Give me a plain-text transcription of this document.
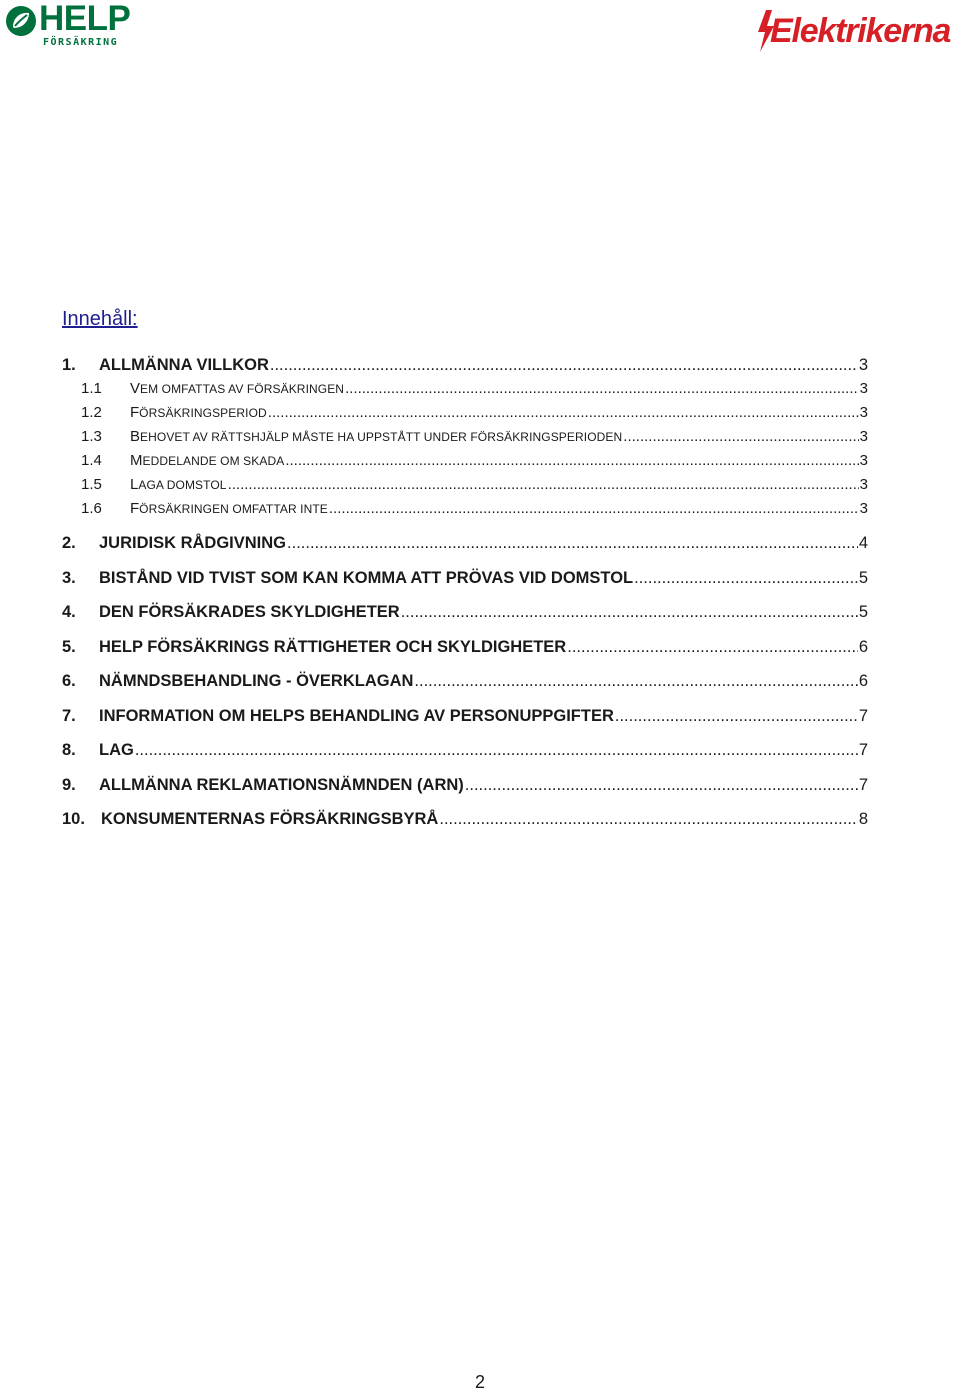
HELP
FÖRSÄKRING	Elektrikerna
Innehåll:
1.	ALLMÄNNA VILLKOR .....	3
1.1	VEM OMFATTAS AV FÖRSÄKRINGEN .....	3
1.2	FÖRSÄKRINGSPERIOD .....	3
1.3	BEHOVET AV RÄTTSHJÄLP MÅSTE HA UPPSTÅTT UNDER FÖRSÄKRINGSPERIODEN .....	3
1.4	MEDDELANDE OM SKADA .....	3
1.5	LAGA DOMSTOL .....	3
1.6	FÖRSÄKRINGEN OMFATTAR INTE .....	3
2.	JURIDISK RÅDGIVNING .....	4
3.	BISTÅND VID TVIST SOM KAN KOMMA ATT PRÖVAS VID DOMSTOL .....	5
4.	DEN FÖRSÄKRADES SKYLDIGHETER .....	5
5.	HELP FÖRSÄKRINGS RÄTTIGHETER OCH SKYLDIGHETER .....	6
6.	NÄMNDSBEHANDLING - ÖVERKLAGAN .....	6
7.	INFORMATION OM HELPS BEHANDLING AV PERSONUPPGIFTER .....	7
8.	LAG .....	7
9.	ALLMÄNNA REKLAMATIONSNÄMNDEN (ARN) .....	7
10. KONSUMENTERNAS FÖRSÄKRINGSBYRÅ .....	8
2
